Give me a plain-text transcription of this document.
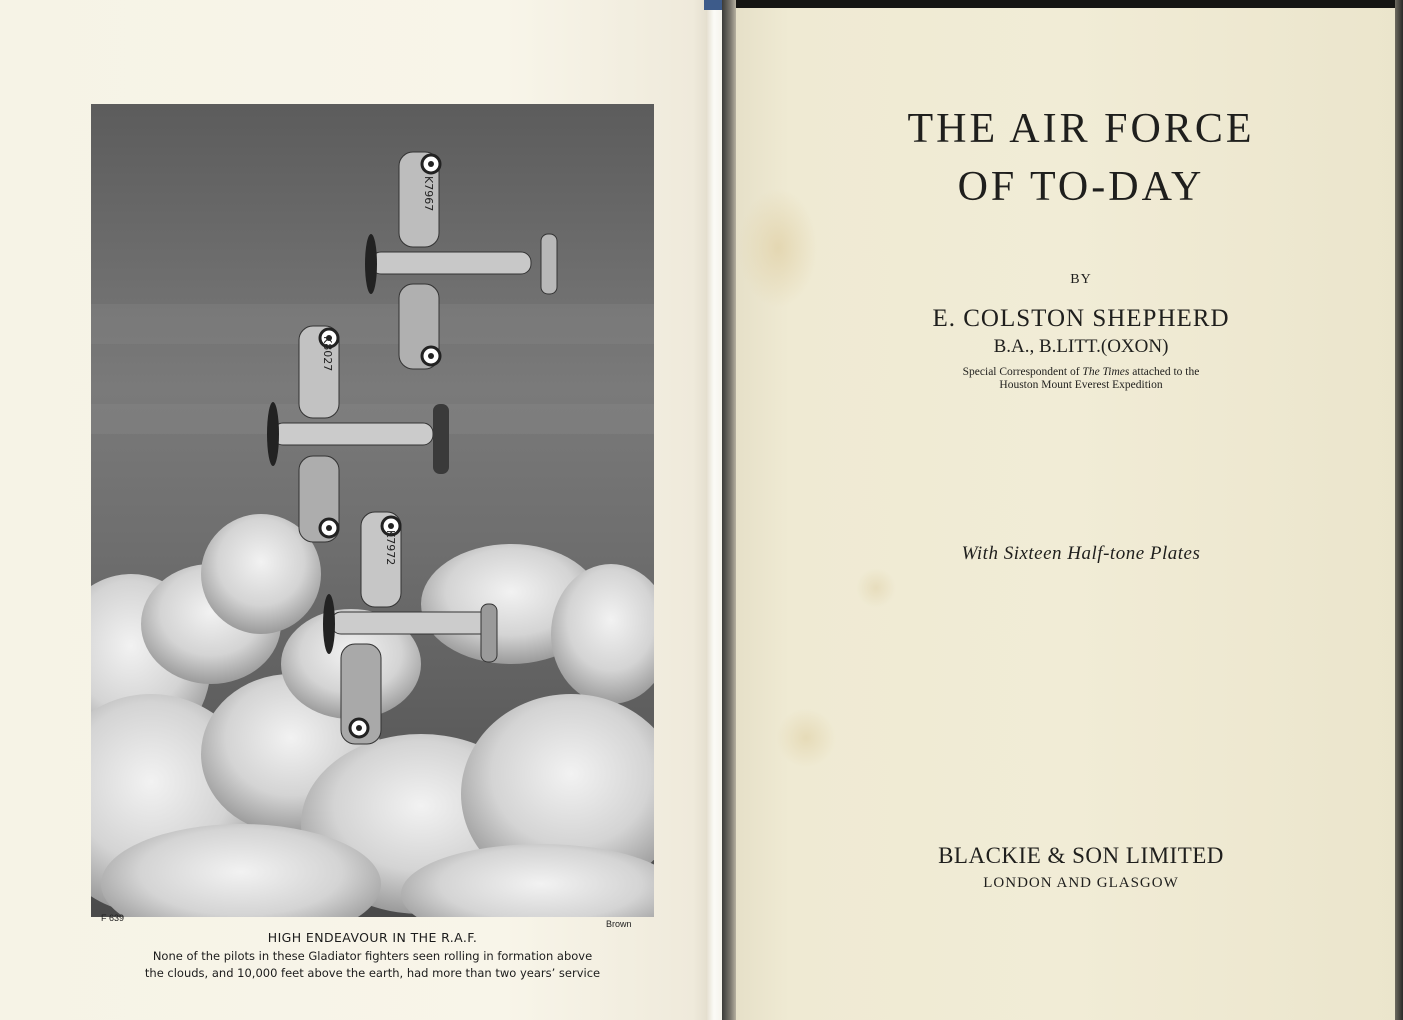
K7967
K8027
K7972
F 639
Brown
HIGH ENDEAVOUR IN THE R.A.F.
None of the pilots in these Gladiator fighters seen rolling in formation above
the clouds, and 10,000 feet above the earth, had more than two years’ service
THE AIR FORCE
OF TO-DAY
BY
E. COLSTON SHEPHERD
B.A., B.LITT.(OXON)
Special Correspondent of The Times attached to the
Houston Mount Everest Expedition
With Sixteen Half-tone Plates
BLACKIE & SON LIMITED
LONDON AND GLASGOW
